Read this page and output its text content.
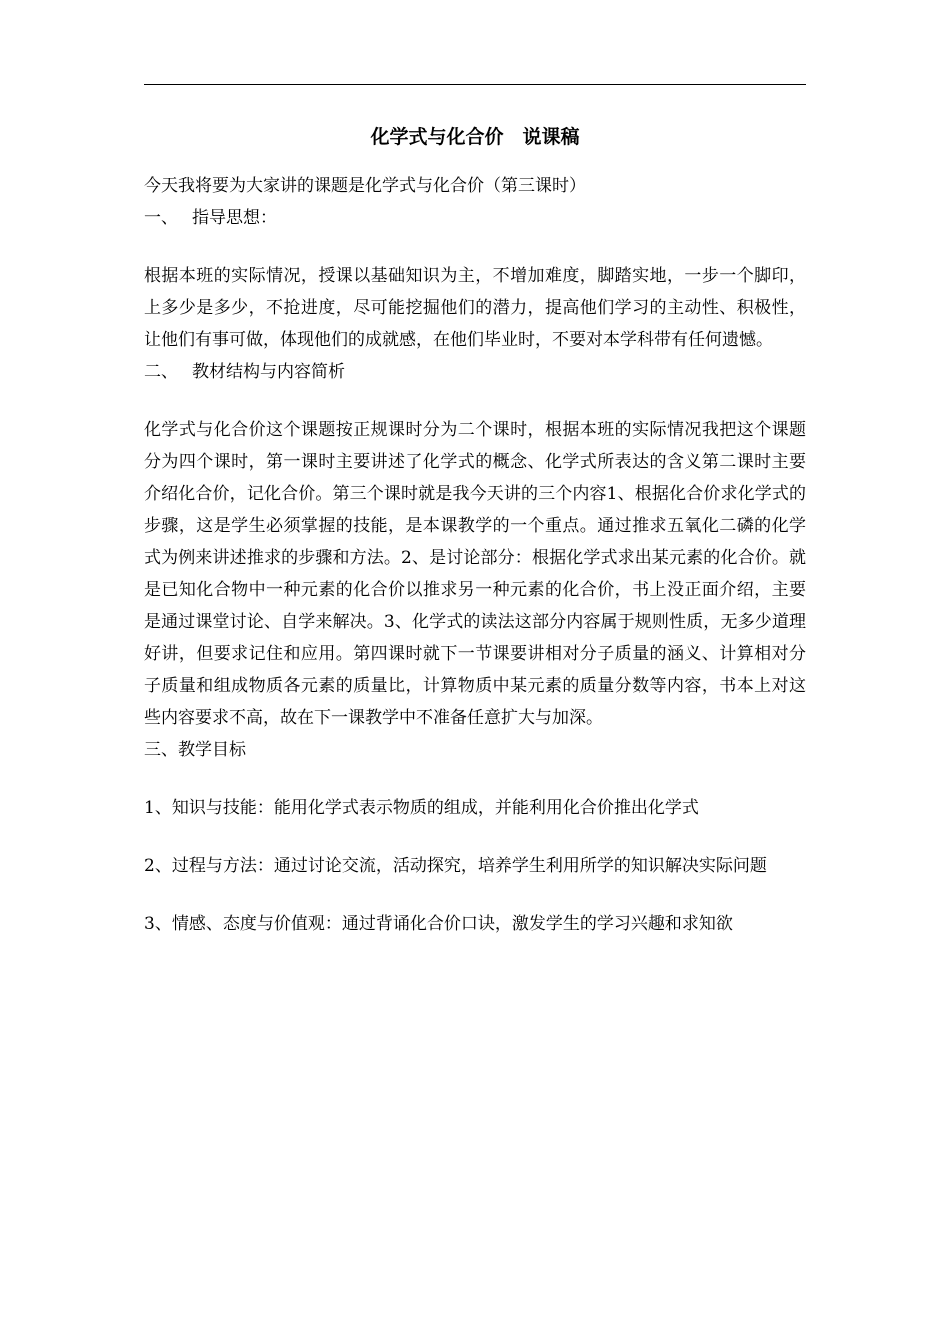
化学式与化合价　说课稿

今天我将要为大家讲的课题是化学式与化合价（第三课时）

一、 指导思想：

根据本班的实际情况，授课以基础知识为主，不增加难度，脚踏实地，一步一个脚印，上多少是多少，不抢进度，尽可能挖掘他们的潜力，提高他们学习的主动性、积极性，让他们有事可做，体现他们的成就感，在他们毕业时，不要对本学科带有任何遗憾。

二、 教材结构与内容简析

化学式与化合价这个课题按正规课时分为二个课时，根据本班的实际情况我把这个课题分为四个课时，第一课时主要讲述了化学式的概念、化学式所表达的含义第二课时主要介绍化合价，记化合价。第三个课时就是我今天讲的三个内容1、根据化合价求化学式的步骤，这是学生必须掌握的技能，是本课教学的一个重点。通过推求五氧化二磷的化学式为例来讲述推求的步骤和方法。2、是讨论部分：根据化学式求出某元素的化合价。就是已知化合物中一种元素的化合价以推求另一种元素的化合价，书上没正面介绍，主要是通过课堂讨论、自学来解决。3、化学式的读法这部分内容属于规则性质，无多少道理好讲，但要求记住和应用。第四课时就下一节课要讲相对分子质量的涵义、计算相对分子质量和组成物质各元素的质量比，计算物质中某元素的质量分数等内容，书本上对这些内容要求不高，故在下一课教学中不准备任意扩大与加深。

三、教学目标

1、知识与技能：能用化学式表示物质的组成，并能利用化合价推出化学式

2、过程与方法：通过讨论交流，活动探究，培养学生利用所学的知识解决实际问题

3、情感、态度与价值观：通过背诵化合价口诀，激发学生的学习兴趣和求知欲
